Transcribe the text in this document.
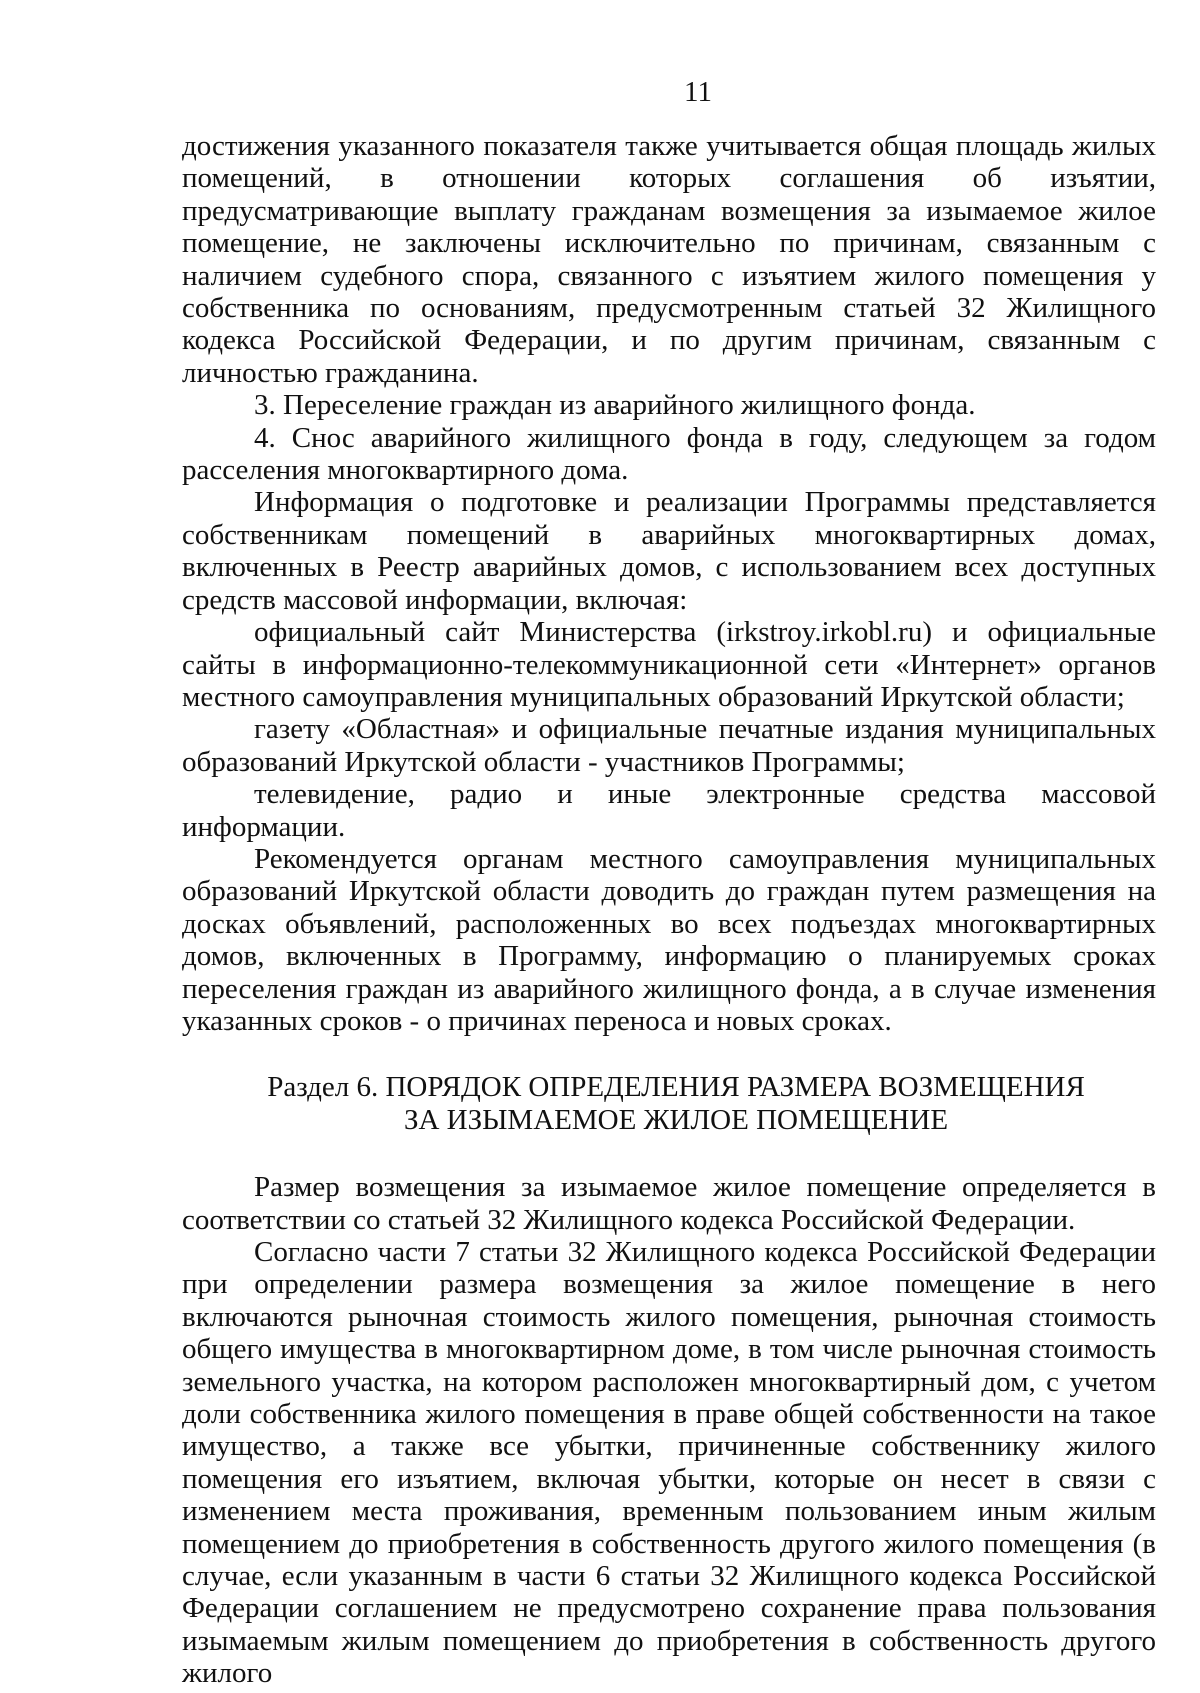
11

достижения указанного показателя также учитывается общая площадь жилых помещений, в отношении которых соглашения об изъятии, предусматривающие выплату гражданам возмещения за изымаемое жилое помещение, не заключены исключительно по причинам, связанным с наличием судебного спора, связанного с изъятием жилого помещения у собственника по основаниям, предусмотренным статьей 32 Жилищного кодекса Российской Федерации, и по другим причинам, связанным с личностью гражданина.

3. Переселение граждан из аварийного жилищного фонда.

4. Снос аварийного жилищного фонда в году, следующем за годом расселения многоквартирного дома.

Информация о подготовке и реализации Программы представляется собственникам помещений в аварийных многоквартирных домах, включенных в Реестр аварийных домов, с использованием всех доступных средств массовой информации, включая:

официальный сайт Министерства (irkstroy.irkobl.ru) и официальные сайты в информационно-телекоммуникационной сети «Интернет» органов местного самоуправления муниципальных образований Иркутской области;

газету «Областная» и официальные печатные издания муниципальных образований Иркутской области - участников Программы;

телевидение, радио и иные электронные средства массовой информации.

Рекомендуется органам местного самоуправления муниципальных образований Иркутской области доводить до граждан путем размещения на досках объявлений, расположенных во всех подъездах многоквартирных домов, включенных в Программу, информацию о планируемых сроках переселения граждан из аварийного жилищного фонда, а в случае изменения указанных сроков - о причинах переноса и новых сроках.

Раздел 6. ПОРЯДОК ОПРЕДЕЛЕНИЯ РАЗМЕРА ВОЗМЕЩЕНИЯ
ЗА ИЗЫМАЕМОЕ ЖИЛОЕ ПОМЕЩЕНИЕ

Размер возмещения за изымаемое жилое помещение определяется в соответствии со статьей 32 Жилищного кодекса Российской Федерации.

Согласно части 7 статьи 32 Жилищного кодекса Российской Федерации при определении размера возмещения за жилое помещение в него включаются рыночная стоимость жилого помещения, рыночная стоимость общего имущества в многоквартирном доме, в том числе рыночная стоимость земельного участка, на котором расположен многоквартирный дом, с учетом доли собственника жилого помещения в праве общей собственности на такое имущество, а также все убытки, причиненные собственнику жилого помещения его изъятием, включая убытки, которые он несет в связи с изменением места проживания, временным пользованием иным жилым помещением до приобретения в собственность другого жилого помещения (в случае, если указанным в части 6 статьи 32 Жилищного кодекса Российской Федерации соглашением не предусмотрено сохранение права пользования изымаемым жилым помещением до приобретения в собственность другого жилого
